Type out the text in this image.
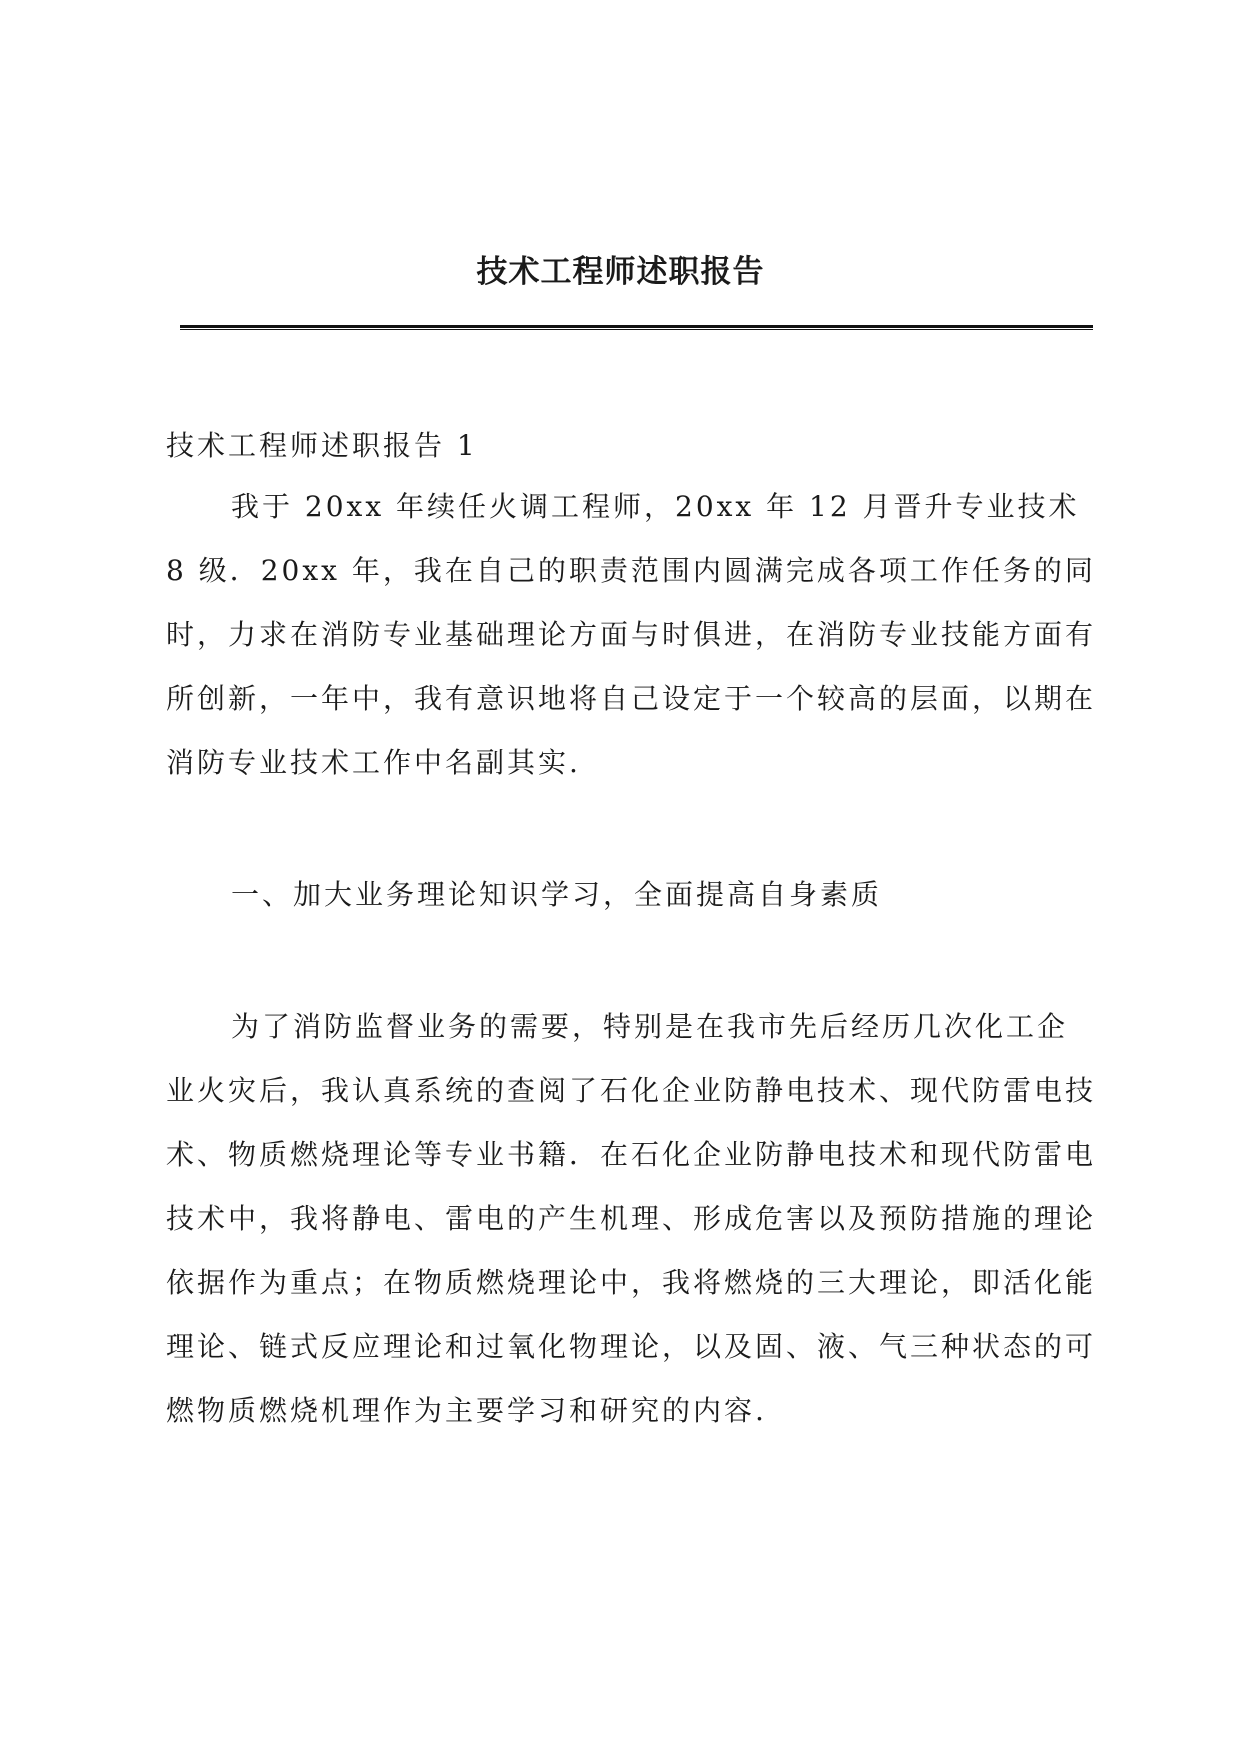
技术工程师述职报告

技术工程师述职报告 1

我于 20xx 年续任火调工程师，20xx 年 12 月晋升专业技术 8 级．20xx 年，我在自己的职责范围内圆满完成各项工作任务的同时，力求在消防专业基础理论方面与时俱进，在消防专业技能方面有所创新，一年中，我有意识地将自己设定于一个较高的层面，以期在消防专业技术工作中名副其实.

一、加大业务理论知识学习，全面提高自身素质

为了消防监督业务的需要，特别是在我市先后经历几次化工企业火灾后，我认真系统的查阅了石化企业防静电技术、现代防雷电技术、物质燃烧理论等专业书籍．在石化企业防静电技术和现代防雷电技术中，我将静电、雷电的产生机理、形成危害以及预防措施的理论依据作为重点；在物质燃烧理论中，我将燃烧的三大理论，即活化能理论、链式反应理论和过氧化物理论，以及固、液、气三种状态的可燃物质燃烧机理作为主要学习和研究的内容.
